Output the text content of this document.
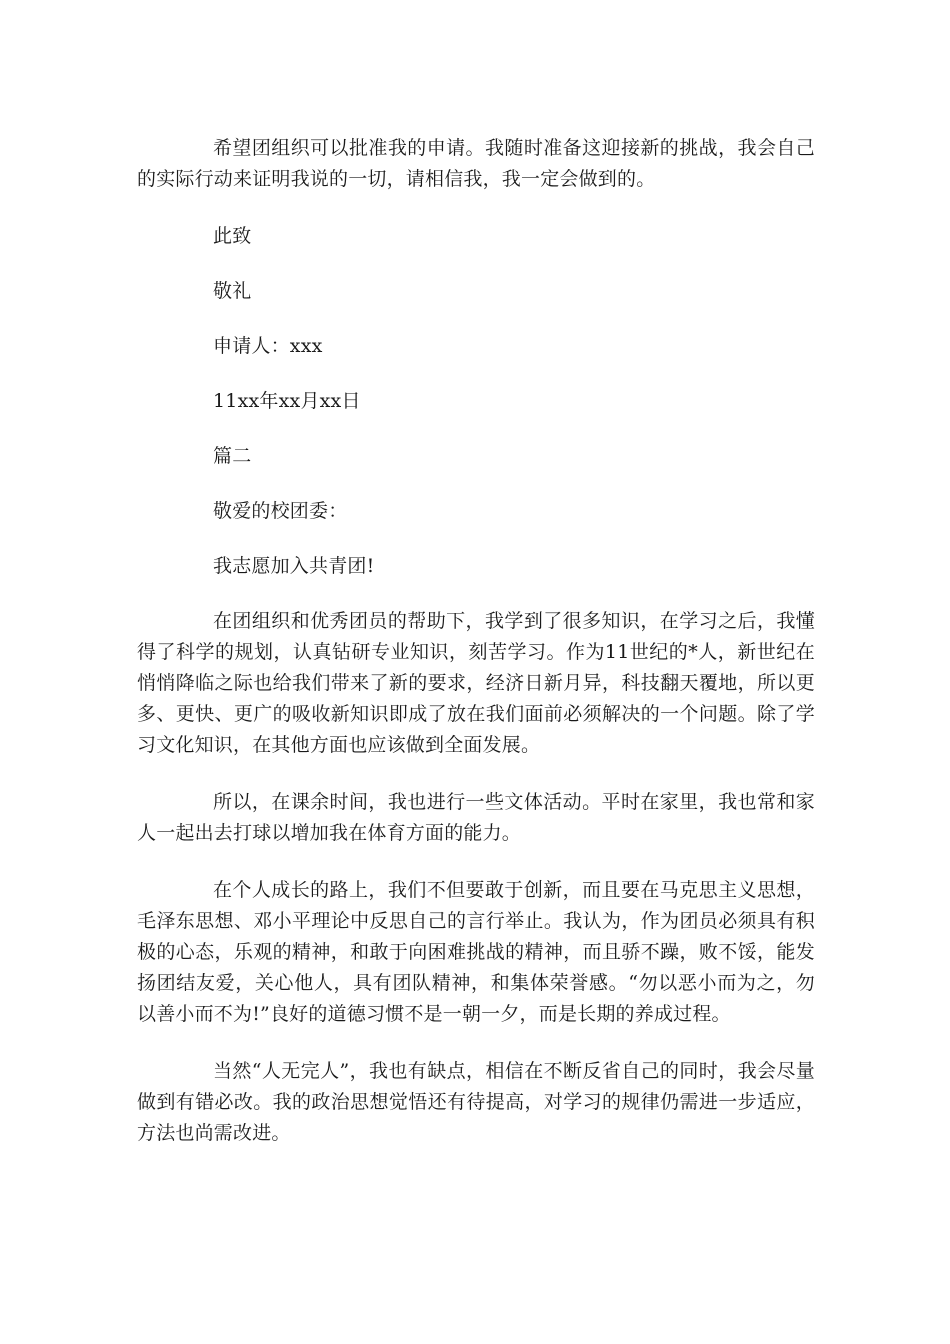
希望团组织可以批准我的申请。我随时准备这迎接新的挑战，我会自己的实际行动来证明我说的一切，请相信我，我一定会做到的。

此致

敬礼

申请人：xxx

11xx年xx月xx日

篇二

敬爱的校团委：

我志愿加入共青团!

在团组织和优秀团员的帮助下，我学到了很多知识，在学习之后，我懂得了科学的规划，认真钻研专业知识，刻苦学习。作为11世纪的*人，新世纪在悄悄降临之际也给我们带来了新的要求，经济日新月异，科技翻天覆地，所以更多、更快、更广的吸收新知识即成了放在我们面前必须解决的一个问题。除了学习文化知识，在其他方面也应该做到全面发展。

所以，在课余时间，我也进行一些文体活动。平时在家里，我也常和家人一起出去打球以增加我在体育方面的能力。

在个人成长的路上，我们不但要敢于创新，而且要在马克思主义思想，毛泽东思想、邓小平理论中反思自己的言行举止。我认为，作为团员必须具有积极的心态，乐观的精神，和敢于向困难挑战的精神，而且骄不躁，败不馁，能发扬团结友爱，关心他人，具有团队精神，和集体荣誉感。“勿以恶小而为之，勿以善小而不为!”良好的道德习惯不是一朝一夕，而是长期的养成过程。

当然“人无完人”，我也有缺点，相信在不断反省自己的同时，我会尽量做到有错必改。我的政治思想觉悟还有待提高，对学习的规律仍需进一步适应，方法也尚需改进。
